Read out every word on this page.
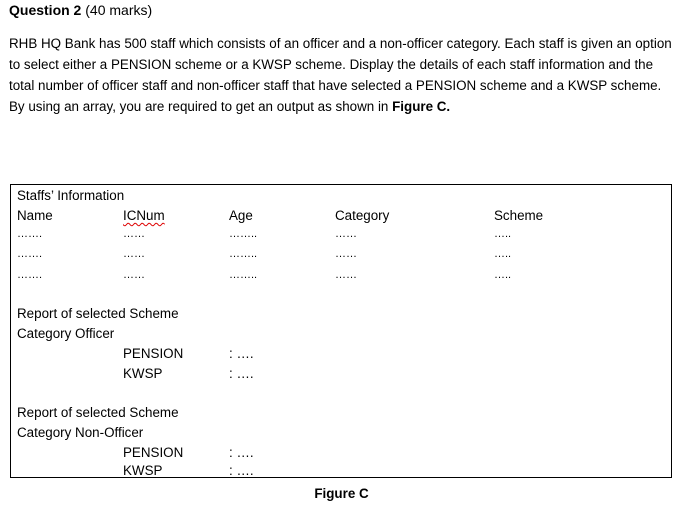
Question 2 (40 marks)
RHB HQ Bank has 500 staff which consists of an officer and a non-officer category. Each staff is given an option to select either a PENSION scheme or a KWSP scheme. Display the details of each staff information and the total number of officer staff and non-officer staff that have selected a PENSION scheme and a KWSP scheme. By using an array, you are required to get an output as shown in Figure C.
Staffs’ Information
Name	ICNum	Age	Category	Scheme
…….	……	……..	……	…..
…….	……	……..	……	…..
…….	……	……..	……	…..
Report of selected Scheme
Category Officer
PENSION	: ….
KWSP	: ….
Report of selected Scheme
Category Non-Officer
PENSION	: ….
KWSP	: ….
Figure C
